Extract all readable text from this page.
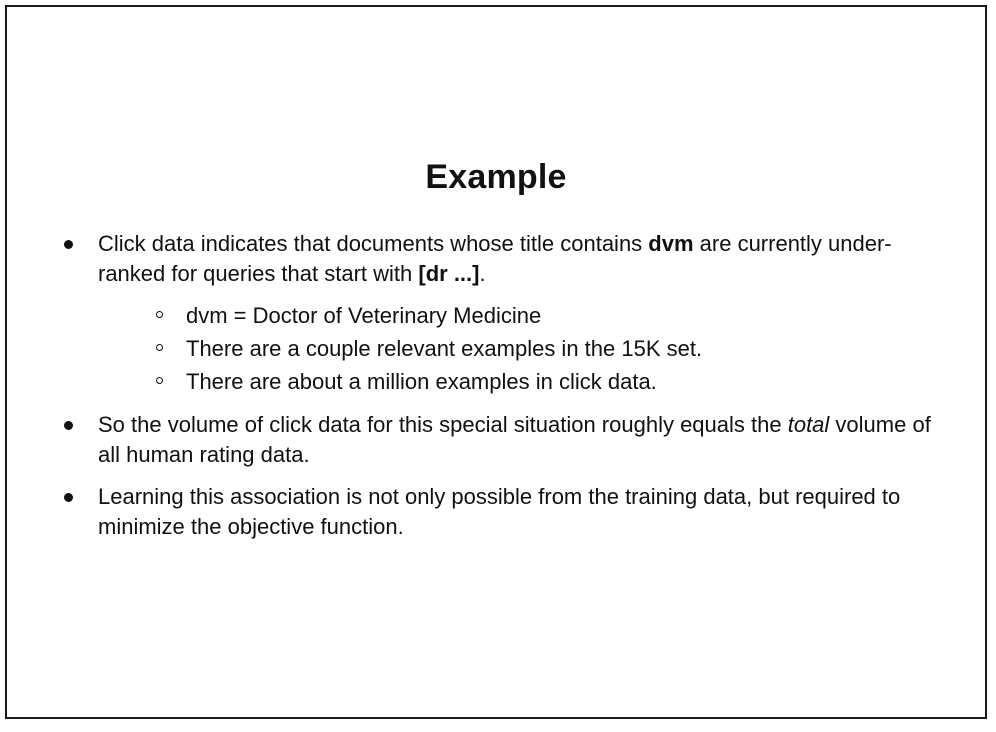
Example
Click data indicates that documents whose title contains dvm are currently under-ranked for queries that start with [dr ...].
dvm = Doctor of Veterinary Medicine
There are a couple relevant examples in the 15K set.
There are about a million examples in click data.
So the volume of click data for this special situation roughly equals the total volume of all human rating data.
Learning this association is not only possible from the training data, but required to minimize the objective function.
